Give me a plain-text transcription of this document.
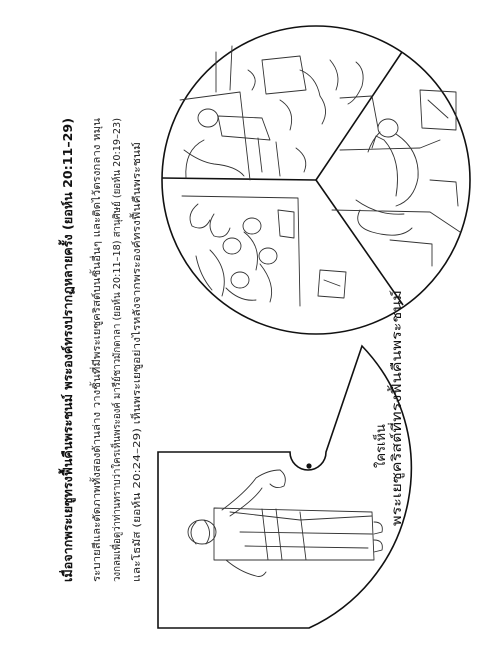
เมื่อจากพระเยซูทรงฟื้นคืนพระชนม์ พระองค์ทรงปรากฏหลายครั้ง (ยอห์น 20:11–29)	ระบายสีและตัดภาพทั้งสองด้านล่าง วางชิ้นที่มีพระเยซูคริสต์บนชิ้นอื่นๆ และติดไว้ตรงกลาง หมุน วงกลมเพื่อดูว่าท่านทราบว่าใครเห็นพระองค์ มารีย์ชาวมักดาลา (ยอห์น 20:11–18) สานุศิษย์ (ยอห์น 20:19–23) และโธมัส (ยอห์น 20:24–29) เห็นพระเยซูอย่างไรหลังจากพระองค์ทรงฟื้นคืนพระชนม์	ใครเห็น พระเยซูคริสต์ที่ทรงฟื้นคืนพระชนม์
